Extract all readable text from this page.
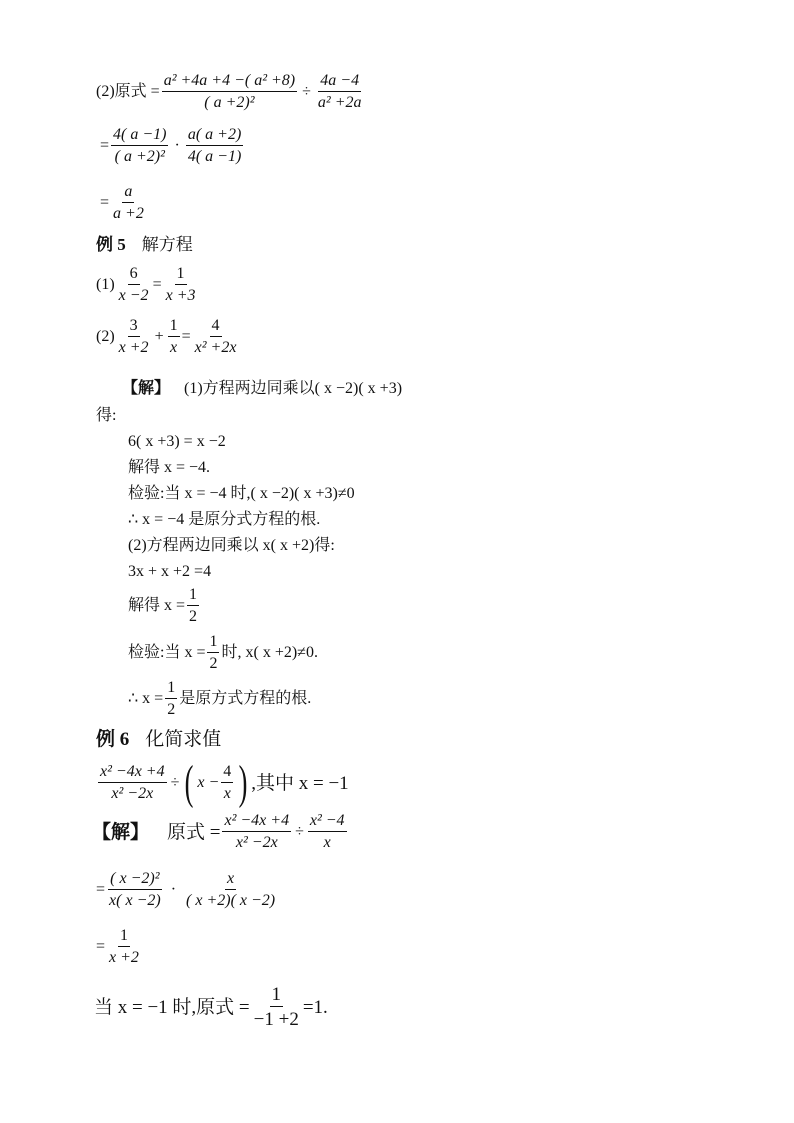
(2)原式 = $\frac{\text{a² +4a +4 −( a² +8)}}{\text{( a +2)²}} \div \frac{4a -4}{\text{a² +2a}}$
= $\frac{4( a -1)}{\text{( a +2)²}} \cdot \frac{a( a +2)}{4( a -1)}$
= $\frac{a}{a +2}$
例 5 解方程
$(1) \frac{6}{x -2} = \frac{1}{x +3}$
$(2) \frac{3}{x +2} + \frac{1}{x} = \frac{4}{\text{x² +2x}}$
【解】 (1)方程两边同乘以( x −2)( x +3)
得:
6( x +3) = x −2
解得 x = −4.
检验:当 x = −4 时,( x −2)( x +3)≠0
∴ x = −4 是原分式方程的根.
(2)方程两边同乘以 x( x +2)得:
3x + x +2 =4
解得 $x = \frac{1}{2}$
检验:当 $x = \frac{1}{2}$ 时, x( x +2)≠0.
∴ $x = \frac{1}{2}$ 是原方式方程的根.
例 6 化简求值
$\frac{\text{x² −4x +4}}{\text{x² −2x}}$ ÷ ( $x - \frac{4}{x}$ ) ,其中 x = −1
【解】 原式 = $\frac{\text{x² −4x +4}}{\text{x² −2x}} \div \frac{\text{x² −4}}{x}$
= $\frac{\text{( x −2)²}}{x( x -2)} \cdot \frac{x}{( x +2)( x -2)}$
= $\frac{1}{x +2}$
当 x = −1 时,原式 = $\frac{1}{-1 +2} =1$.
